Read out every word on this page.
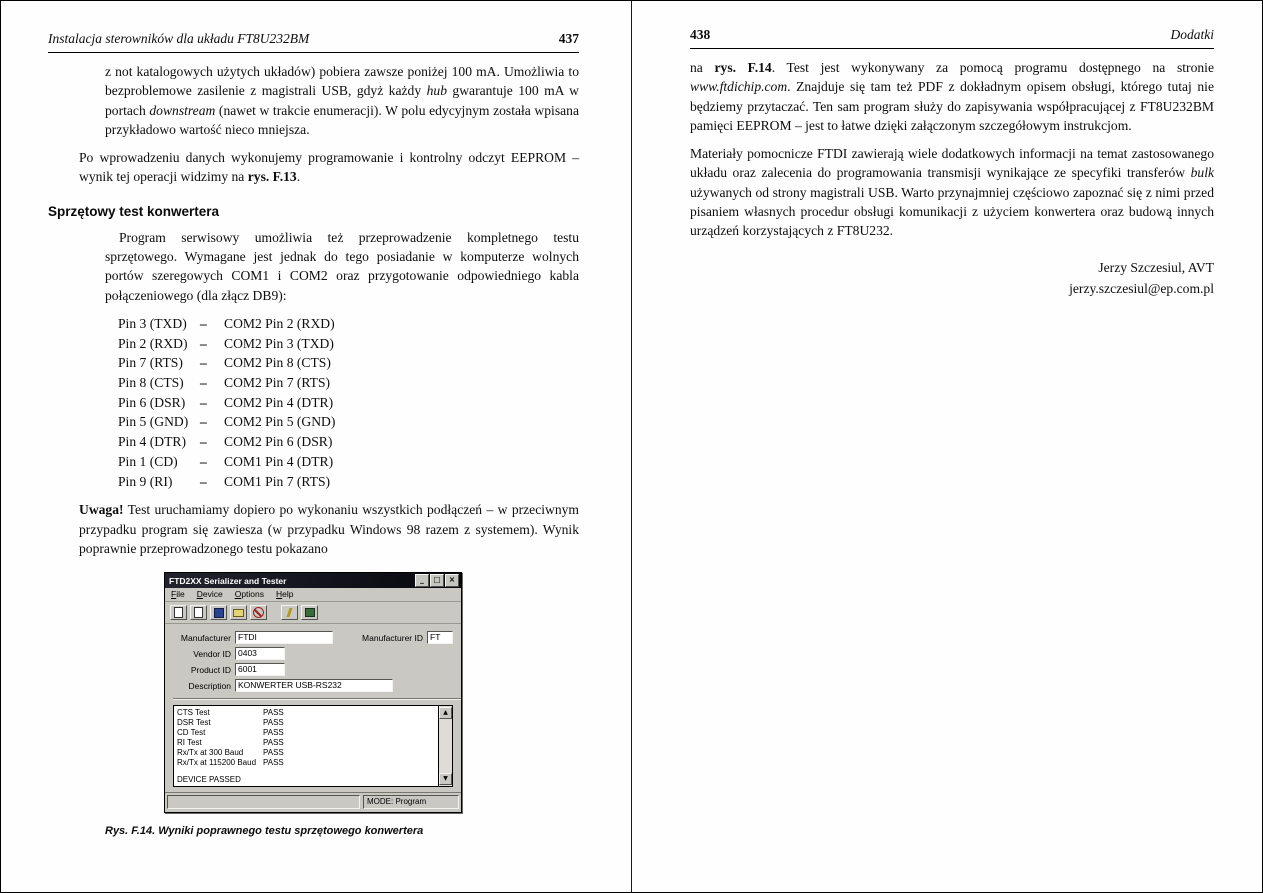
Instalacja sterowników dla układu FT8U232BM	437

z not katalogowych użytych układów) pobiera zawsze poniżej 100 mA. Umożliwia to bezproblemowe zasilenie z magistrali USB, gdyż każdy hub gwarantuje 100 mA w portach downstream (nawet w trakcie enumeracji). W polu edycyjnym została wpisana przykładowo wartość nieco mniejsza.

Po wprowadzeniu danych wykonujemy programowanie i kontrolny odczyt EEPROM – wynik tej operacji widzimy na rys. F.13.

Sprzętowy test konwertera

Program serwisowy umożliwia też przeprowadzenie kompletnego testu sprzętowego. Wymagane jest jednak do tego posiadanie w komputerze wolnych portów szeregowych COM1 i COM2 oraz przygotowanie odpowiedniego kabla połączeniowego (dla złącz DB9):

Pin 3 (TXD) –	COM2 Pin 2 (RXD)
Pin 2 (RXD) –	COM2 Pin 3 (TXD)
Pin 7 (RTS)	–	COM2 Pin 8 (CTS)
Pin 8 (CTS)	–	COM2 Pin 7 (RTS)
Pin 6 (DSR)	–	COM2 Pin 4 (DTR)
Pin 5 (GND) –	COM2 Pin 5 (GND)
Pin 4 (DTR)	–	COM2 Pin 6 (DSR)
Pin 1 (CD)	–	COM1 Pin 4 (DTR)
Pin 9 (RI)	–	COM1 Pin 7 (RTS)

Uwaga! Test uruchamiamy dopiero po wykonaniu wszystkich podłączeń – w przeciwnym przypadku program się zawiesza (w przypadku Windows 98 razem z systemem). Wynik poprawnie przeprowadzonego testu pokazano

FTD2XX Serializer and Tester	_	□	×
File Device Options Help
Manufacturer FTDI	Manufacturer ID FT
Vendor ID 0403
Product ID 6001
Description KONWERTER USB-RS232
CTS Test	PASS
DSR Test	PASS
CD Test	PASS
RI Test	PASS
Rx/Tx at 300 Baud	PASS
Rx/Tx at 115200 Baud PASS
DEVICE PASSED
▲
▼
MODE: Program

Rys. F.14. Wyniki poprawnego testu sprzętowego konwertera

438	Dodatki

na rys. F.14. Test jest wykonywany za pomocą programu dostępnego na stronie www.ftdichip.com. Znajduje się tam też PDF z dokładnym opisem obsługi, którego tutaj nie będziemy przytaczać. Ten sam program służy do zapisywania współpracującej z FT8U232BM pamięci EEPROM – jest to łatwe dzięki załączonym szczegółowym instrukcjom.

Materiały pomocnicze FTDI zawierają wiele dodatkowych informacji na temat zastosowanego układu oraz zalecenia do programowania transmisji wynikające ze specyfiki transferów bulk używanych od strony magistrali USB. Warto przynajmniej częściowo zapoznać się z nimi przed pisaniem własnych procedur obsługi komunikacji z użyciem konwertera oraz budową innych urządzeń korzystających z FT8U232.

Jerzy Szczesiul, AVT
jerzy.szczesiul@ep.com.pl
